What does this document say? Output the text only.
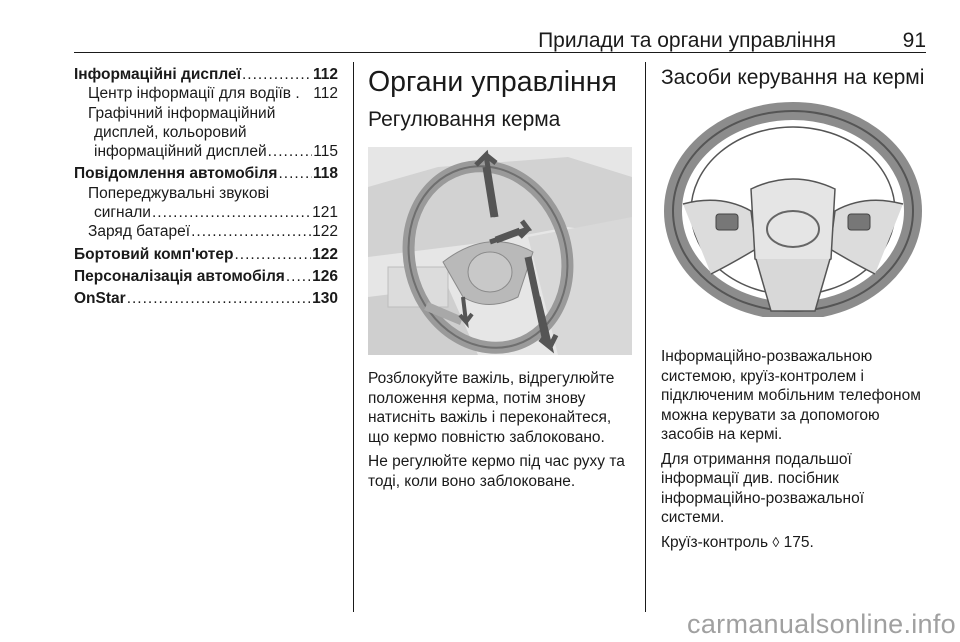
Прилади та органи управління	91
Інформаційні дисплеї .....	112
Центр інформації для водіїв . 112
Графічний інформаційний
дисплей, кольоровий
інформаційний дисплей .....	115
Повідомлення автомобіля ..... 118
Попереджувальні звукові
сигнали .....	121
Заряд батареї .....	122
Бортовий комп'ютер .....	122
Персоналізація автомобіля ..... 126
OnStar .....	130
Органи управління
Регулювання керма

Розблокуйте важіль, відрегулюйте положення керма, потім знову натисніть важіль і переконайтеся, що кермо повністю заблоковано.

Не регулюйте кермо під час руху та тоді, коли воно заблоковане.

Засоби керування на кермі

Інформаційно-розважальною системою, круїз-контролем і підключеним мобільним телефоном можна керувати за допомогою засобів на кермі.

Для отримання подальшої інформації див. посібник інформаційно-розважальної системи.

Круїз-контроль ◊ 175.

carmanualsonline.info
